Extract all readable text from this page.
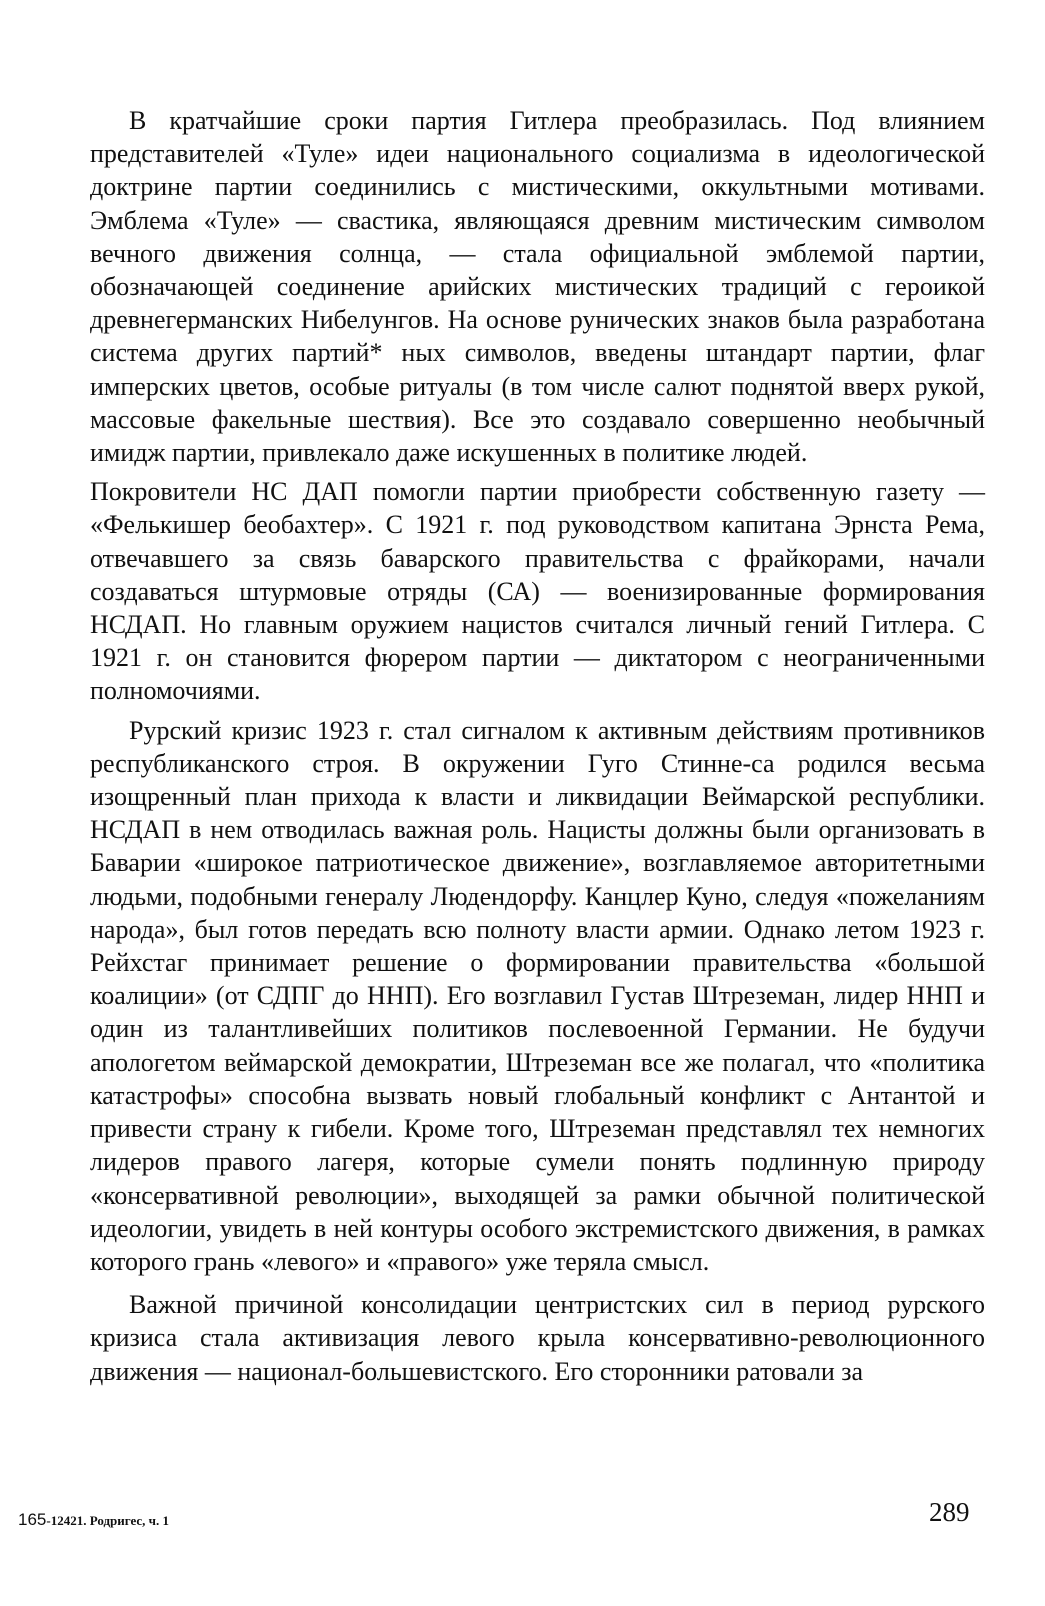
В кратчайшие сроки партия Гитлера преобразилась. Под влиянием представителей «Туле» идеи национального социализма в идеологической доктрине партии соединились с мистическими, оккультными мотивами. Эмблема «Туле» — свастика, являющаяся древним мистическим символом вечного движения солнца, — стала официальной эмблемой партии, обозначающей соединение арийских мистических традиций с героикой древнегерманских Нибелунгов. На основе рунических знаков была разработана система других партий* ных символов, введены штандарт партии, флаг имперских цветов, особые ритуалы (в том числе салют поднятой вверх рукой, массовые факельные шествия). Все это создавало совершенно необычный имидж партии, привлекало даже искушенных в политике людей.

Покровители НС ДАП помогли партии приобрести собственную газету — «Фелькишер беобахтер». С 1921 г. под руководством капитана Эрнста Рема, отвечавшего за связь баварского правительства с фрайкорами, начали создаваться штурмовые отряды (СА) — военизированные формирования НСДАП. Но главным оружием нацистов считался личный гений Гитлера. С 1921 г. он становится фюрером партии — диктатором с неограниченными полномочиями.

Рурский кризис 1923 г. стал сигналом к активным действиям противников республиканского строя. В окружении Гуго Стинне-са родился весьма изощренный план прихода к власти и ликвидации Веймарской республики. НСДАП в нем отводилась важная роль. Нацисты должны были организовать в Баварии «широкое патриотическое движение», возглавляемое авторитетными людьми, подобными генералу Людендорфу. Канцлер Куно, следуя «пожеланиям народа», был готов передать всю полноту власти армии. Однако летом 1923 г. Рейхстаг принимает решение о формировании правительства «большой коалиции» (от СДПГ до ННП). Его возглавил Густав Штреземан, лидер ННП и один из талантливейших политиков послевоенной Германии. Не будучи апологетом веймарской демократии, Штреземан все же полагал, что «политика катастрофы» способна вызвать новый глобальный конфликт с Антантой и привести страну к гибели. Кроме того, Штреземан представлял тех немногих лидеров правого лагеря, которые сумели понять подлинную природу «консервативной революции», выходящей за рамки обычной политической идеологии, увидеть в ней контуры особого экстремистского движения, в рамках которого грань «левого» и «правого» уже теряла смысл.

Важной причиной консолидации центристских сил в период рурского кризиса стала активизация левого крыла консервативно-революционного движения — национал-большевистского. Его сторонники ратовали за

165-12421. Родригес, ч. 1	289
